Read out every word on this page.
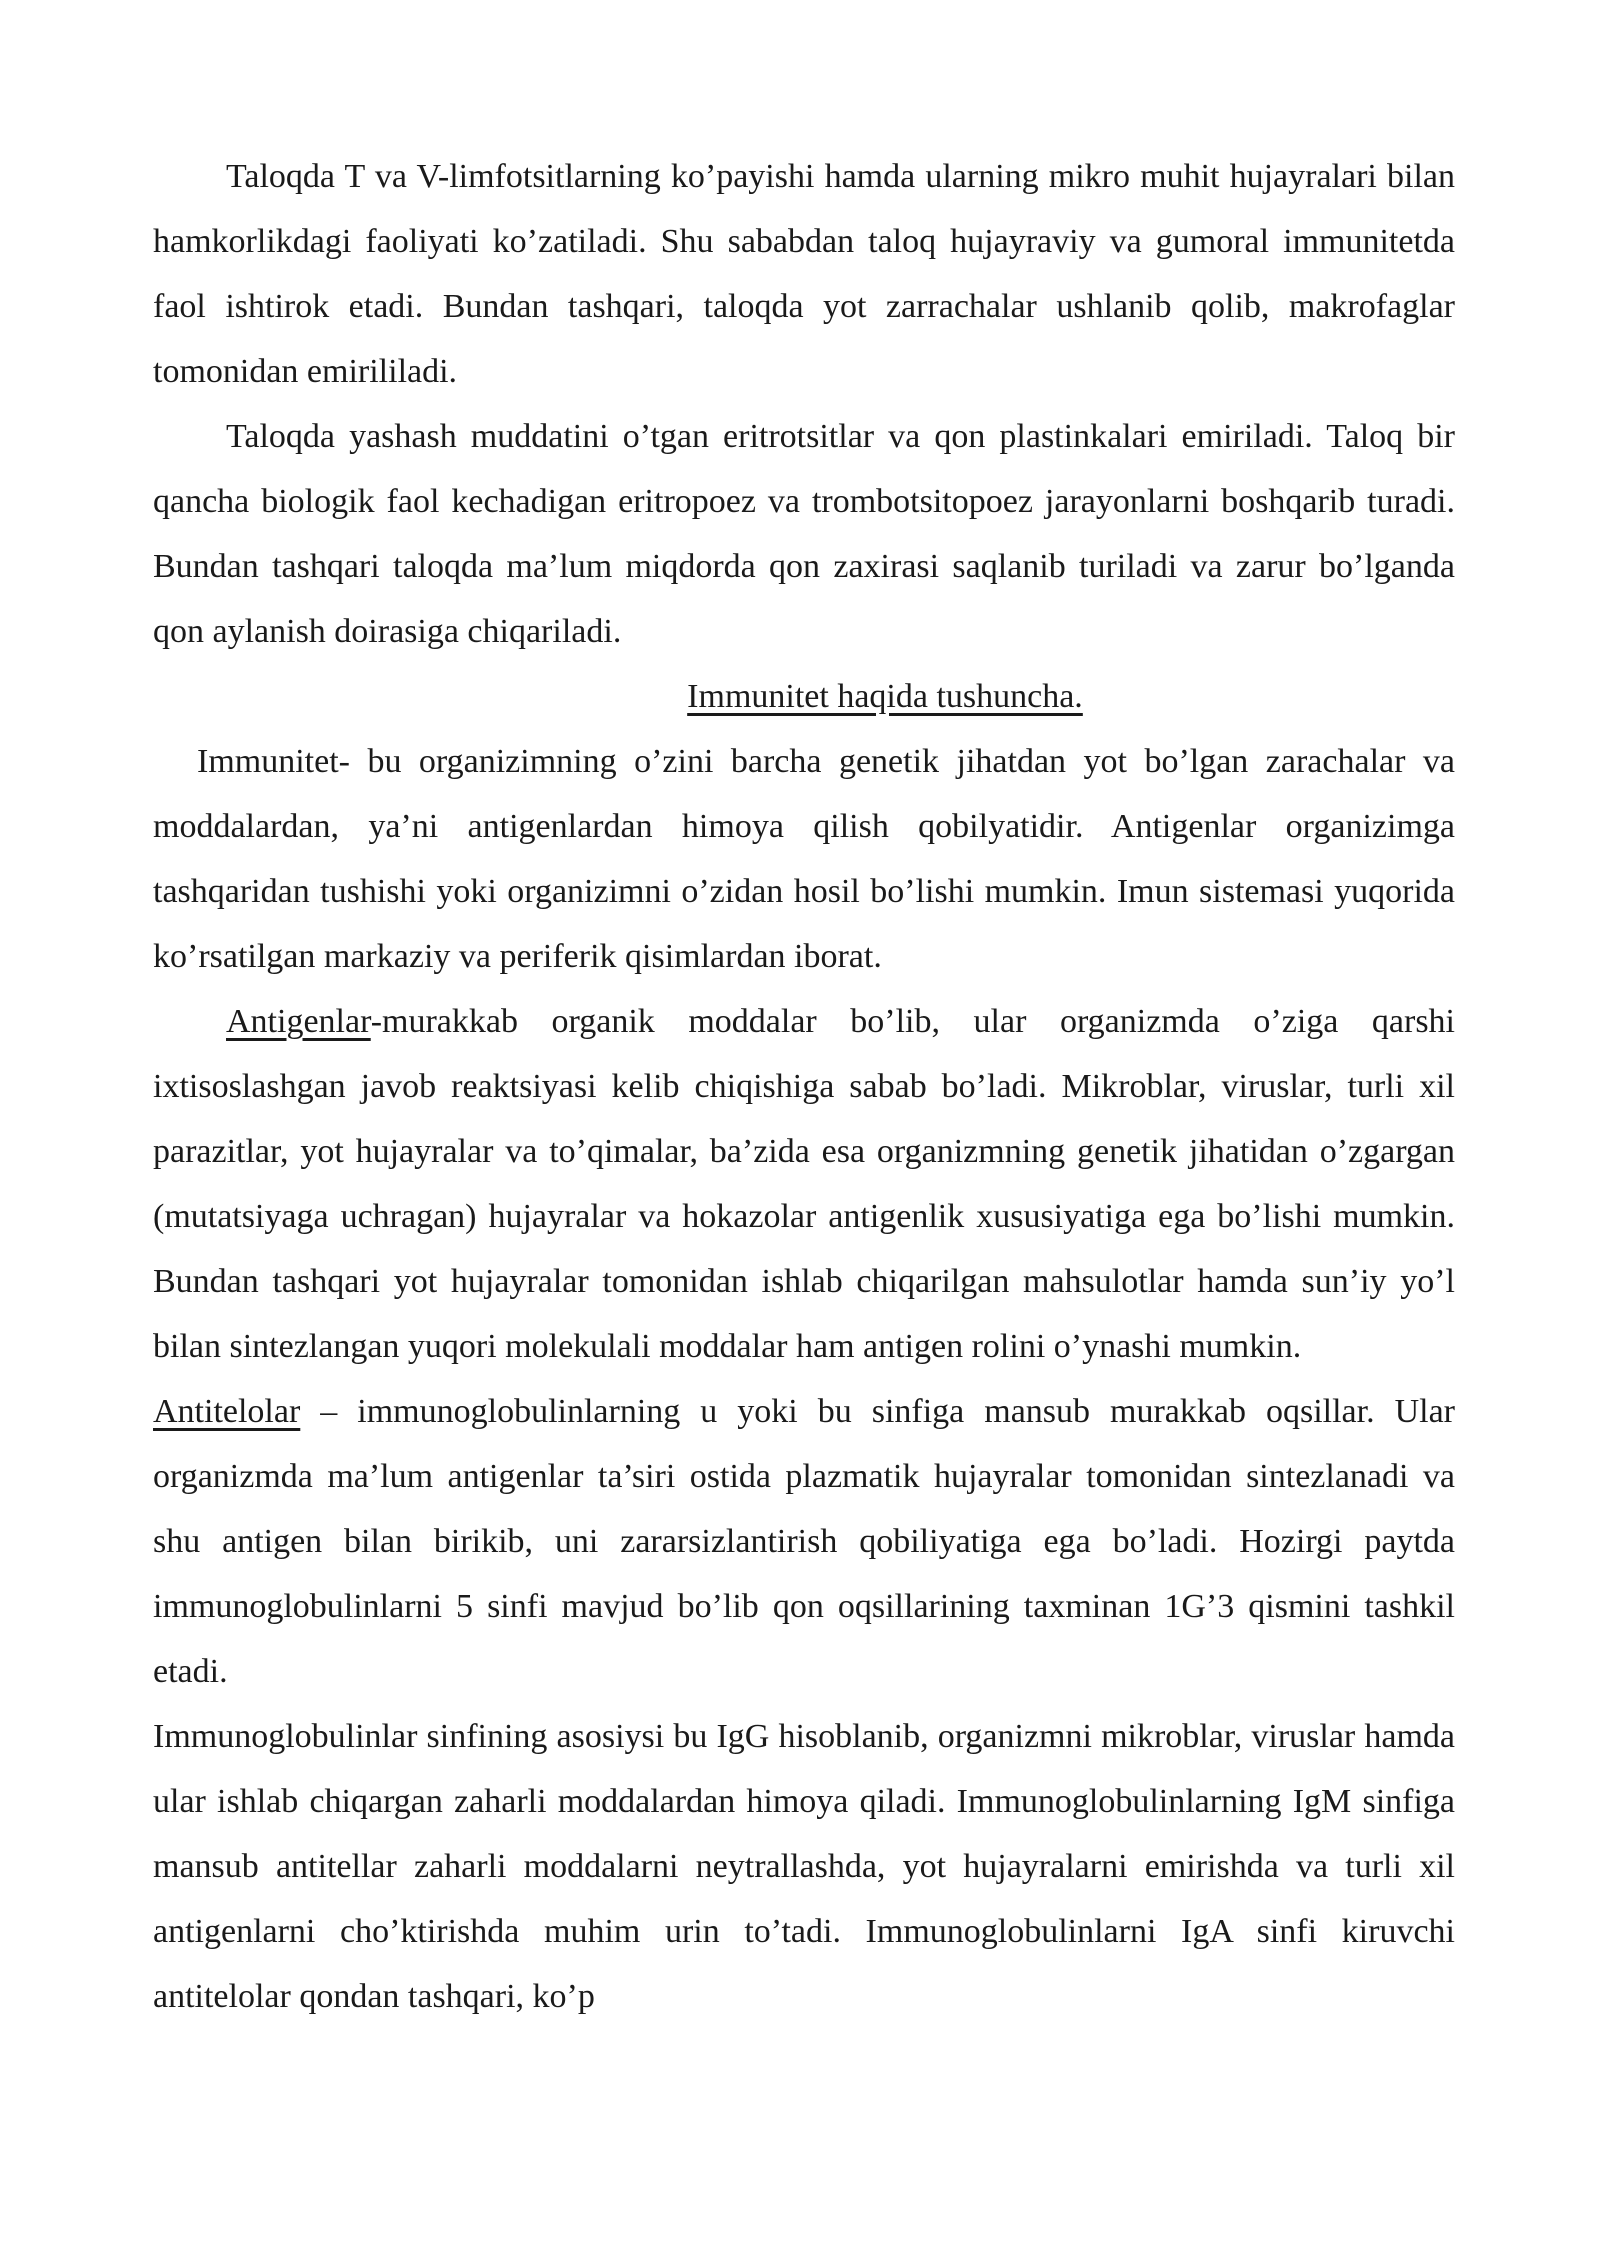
Taloqda T va V-limfotsitlarning ko’payishi hamda ularning mikro muhit hujayralari bilan hamkorlikdagi faoliyati ko’zatiladi. Shu sababdan taloq hujayraviy va gumoral immunitetda faol ishtirok etadi. Bundan tashqari, taloqda yot zarrachalar ushlanib qolib, makrofaglar tomonidan emirililadi.

Taloqda yashash muddatini o’tgan eritrotsitlar va qon plastinkalari emiriladi. Taloq bir qancha biologik faol kechadigan eritropoez va trombotsitopoez jarayonlarni boshqarib turadi. Bundan tashqari taloqda ma’lum miqdorda qon zaxirasi saqlanib turiladi va zarur bo’lganda qon aylanish doirasiga chiqariladi.

Immunitet haqida tushuncha.

Immunitet- bu organizimning o’zini barcha genetik jihatdan yot bo’lgan zarachalar va moddalardan, ya’ni antigenlardan himoya qilish qobilyatidir. Antigenlar organizimga tashqaridan tushishi yoki organizimni o’zidan hosil bo’lishi mumkin. Imun sistemasi yuqorida ko’rsatilgan markaziy va periferik qisimlardan iborat.

Antigenlar-murakkab organik moddalar bo’lib, ular organizmda o’ziga qarshi ixtisoslashgan javob reaktsiyasi kelib chiqishiga sabab bo’ladi. Mikroblar, viruslar, turli xil parazitlar, yot hujayralar va to’qimalar, ba’zida esa organizmning genetik jihatidan o’zgargan (mutatsiyaga uchragan) hujayralar va hokazolar antigenlik xususiyatiga ega bo’lishi mumkin. Bundan tashqari yot hujayralar tomonidan ishlab chiqarilgan mahsulotlar hamda sun’iy yo’l bilan sintezlangan yuqori molekulali moddalar ham antigen rolini o’ynashi mumkin.

Antitelolar – immunoglobulinlarning u yoki bu sinfiga mansub murakkab oqsillar. Ular organizmda ma’lum antigenlar ta’siri ostida plazmatik hujayralar tomonidan sintezlanadi va shu antigen bilan birikib, uni zararsizlantirish qobiliyatiga ega bo’ladi. Hozirgi paytda immunoglobulinlarni 5 sinfi mavjud bo’lib qon oqsillarining taxminan 1G’3 qismini tashkil etadi.

Immunoglobulinlar sinfining asosiysi bu IgG hisoblanib, organizmni mikroblar, viruslar hamda ular ishlab chiqargan zaharli moddalardan himoya qiladi. Immunoglobulinlarning IgM sinfiga mansub antitellar zaharli moddalarni neytrallashda, yot hujayralarni emirishda va turli xil antigenlarni cho’ktirishda muhim urin to’tadi. Immunoglobulinlarni IgA sinfi kiruvchi antitelolar qondan tashqari, ko’p
